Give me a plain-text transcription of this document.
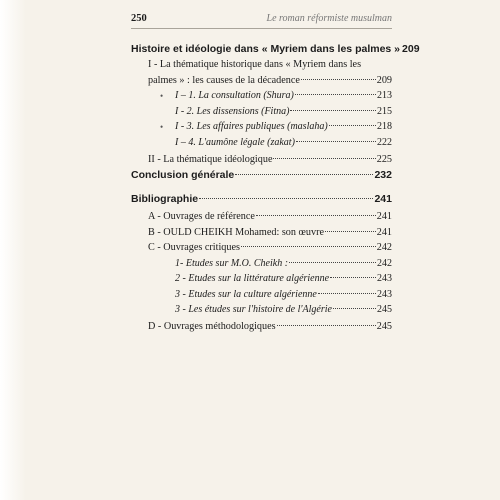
250	Le roman réformiste musulman
Histoire et idéologie dans « Myriem dans les palmes » 209
I - La thématique historique dans « Myriem dans les
palmes » : les causes de la décadence	209
I – 1. La consultation (Shura)	213
•
I - 2. Les dissensions (Fitna)	215
I - 3. Les affaires publiques (maslaha)	218
•
I – 4. L'aumône légale (zakat)	222
II - La thématique idéologique	225
Conclusion générale	232
Bibliographie	241
A - Ouvrages de référence	241
B - OULD CHEIKH Mohamed: son œuvre	241
C - Ouvrages critiques	242
1- Etudes sur M.O. Cheikh :	242
2 - Etudes sur la littérature algérienne	243
3 - Etudes sur la culture algérienne	243
3 - Les études sur l'histoire de l'Algérie	245
D - Ouvrages méthodologiques	245
